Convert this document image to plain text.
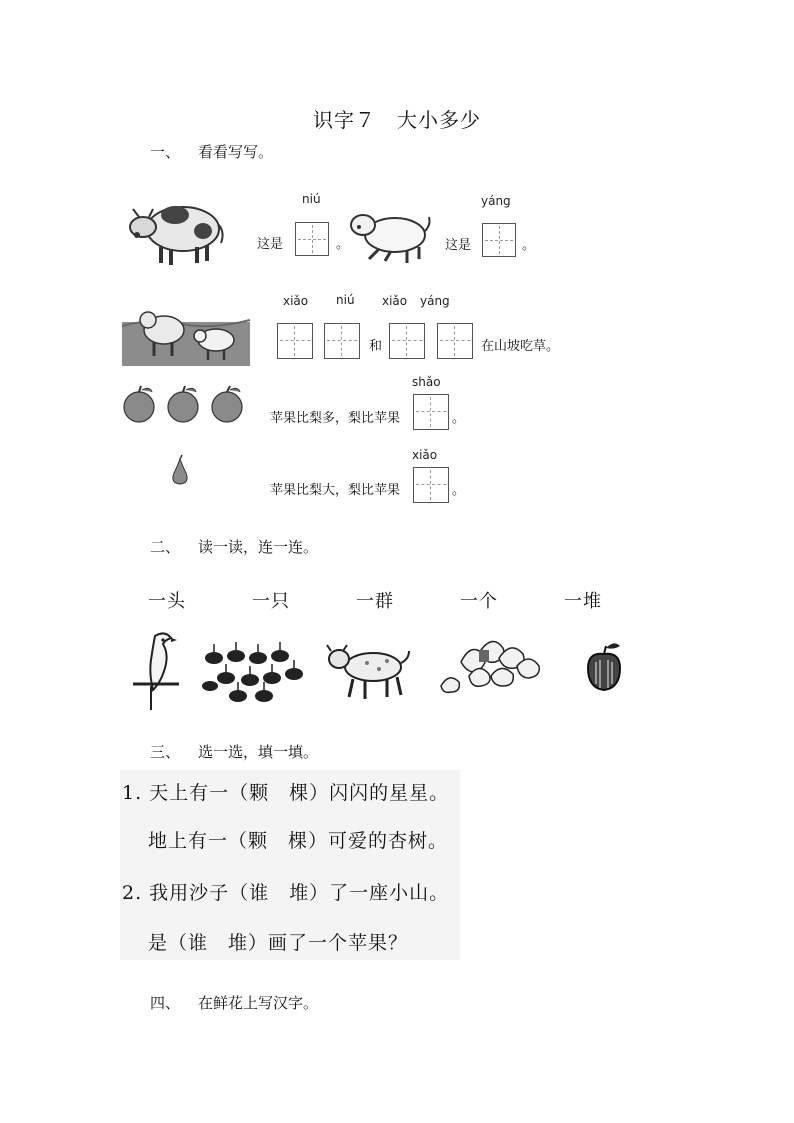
识字７　大小多少
一、 看看写写。
niú
这是	。
yáng
这是	。
xiǎo niú xiǎo yáng
和	在山坡吃草。
shǎo
苹果比梨多，梨比苹果	。
xiǎo
苹果比梨大，梨比苹果	。
二、 读一读，连一连。
一头	一只	一群	一个	一堆
三、 选一选，填一填。
1. 天上有一（颗　棵）闪闪的星星。
　地上有一（颗　棵）可爱的杏树。
2. 我用沙子（谁　堆）了一座小山。
　是（谁　堆）画了一个苹果？
四、 在鲜花上写汉字。
